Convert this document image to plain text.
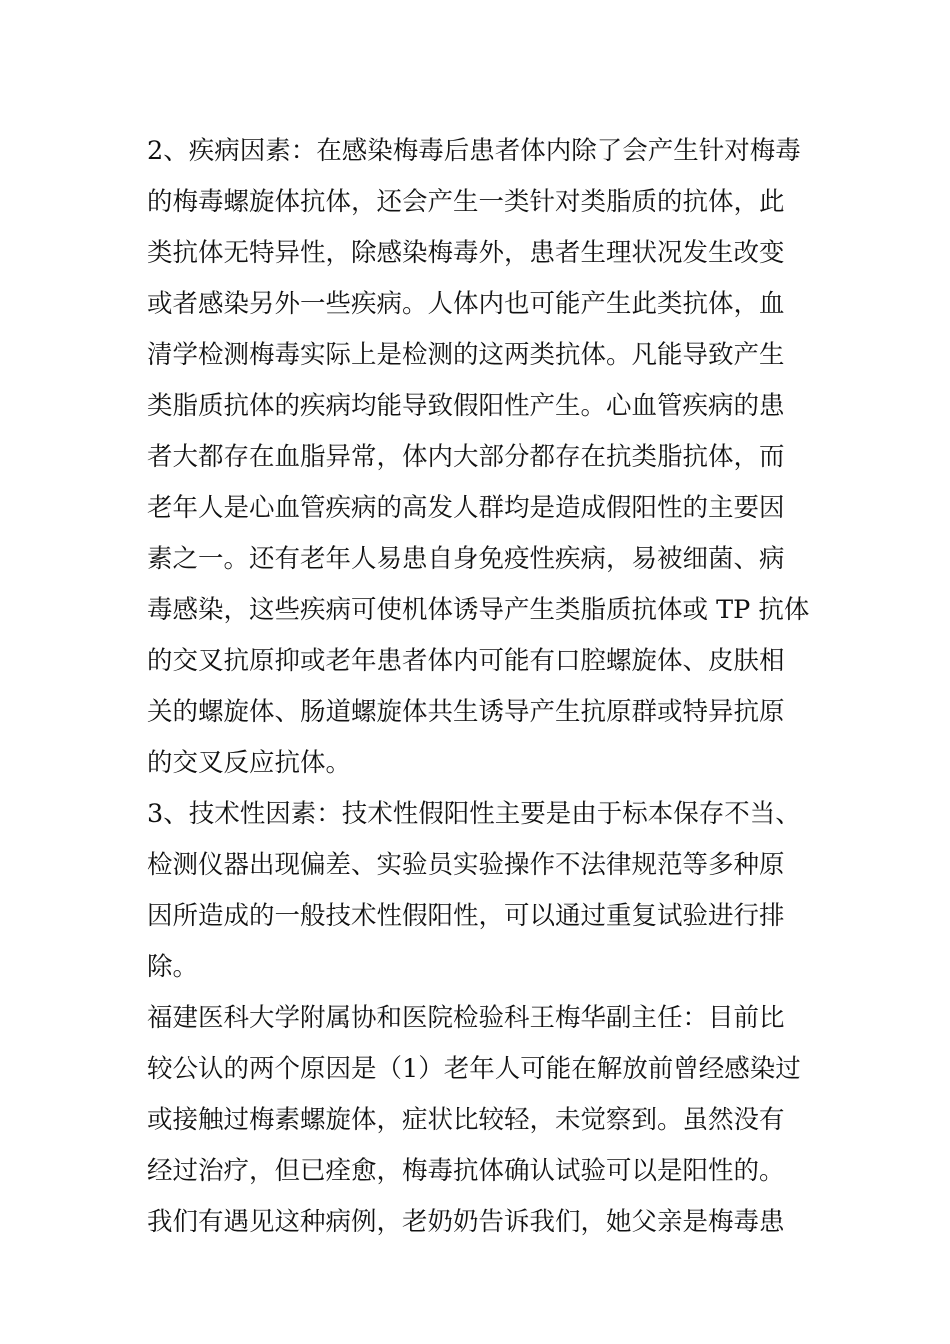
2、疾病因素：在感染梅毒后患者体内除了会产生针对梅毒
的梅毒螺旋体抗体，还会产生一类针对类脂质的抗体，此
类抗体无特异性，除感染梅毒外，患者生理状况发生改变
或者感染另外一些疾病。人体内也可能产生此类抗体，血
清学检测梅毒实际上是检测的这两类抗体。凡能导致产生
类脂质抗体的疾病均能导致假阳性产生。心血管疾病的患
者大都存在血脂异常，体内大部分都存在抗类脂抗体，而
老年人是心血管疾病的高发人群均是造成假阳性的主要因
素之一。还有老年人易患自身免疫性疾病，易被细菌、病
毒感染，这些疾病可使机体诱导产生类脂质抗体或 TP 抗体
的交叉抗原抑或老年患者体内可能有口腔螺旋体、皮肤相
关的螺旋体、肠道螺旋体共生诱导产生抗原群或特异抗原
的交叉反应抗体。
3、技术性因素：技术性假阳性主要是由于标本保存不当、
检测仪器出现偏差、实验员实验操作不法律规范等多种原
因所造成的一般技术性假阳性，可以通过重复试验进行排
除。
福建医科大学附属协和医院检验科王梅华副主任：目前比
较公认的两个原因是（1）老年人可能在解放前曾经感染过
或接触过梅素螺旋体，症状比较轻，未觉察到。虽然没有
经过治疗，但已痊愈，梅毒抗体确认试验可以是阳性的。
我们有遇见这种病例，老奶奶告诉我们，她父亲是梅毒患
